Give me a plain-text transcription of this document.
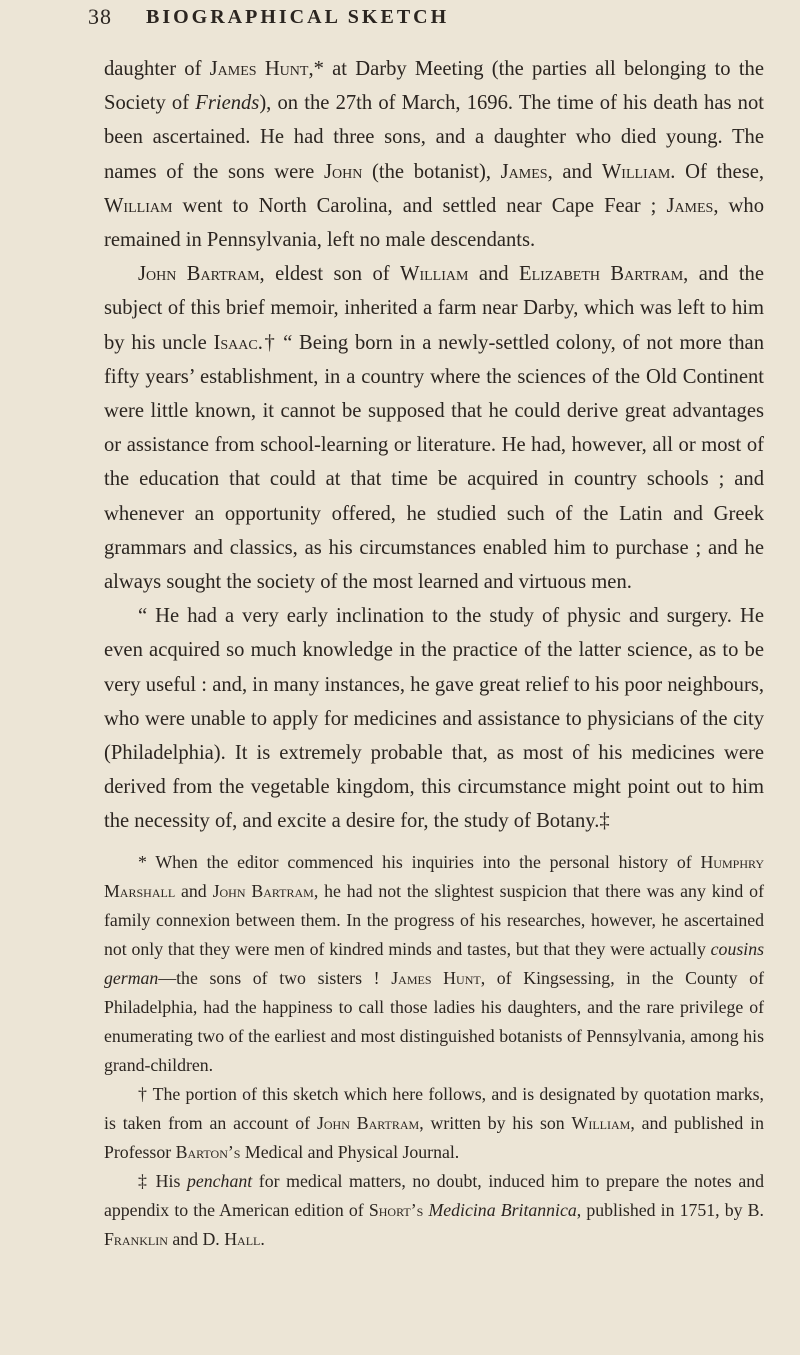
38 BIOGRAPHICAL SKETCH

daughter of James Hunt,* at Darby Meeting (the parties all belonging to the Society of Friends), on the 27th of March, 1696. The time of his death has not been ascertained. He had three sons, and a daughter who died young. The names of the sons were John (the botanist), James, and William. Of these, William went to North Carolina, and settled near Cape Fear ; James, who remained in Pennsylvania, left no male descendants.

John Bartram, eldest son of William and Elizabeth Bartram, and the subject of this brief memoir, inherited a farm near Darby, which was left to him by his uncle Isaac.† “ Being born in a newly-settled colony, of not more than fifty years’ establishment, in a country where the sciences of the Old Continent were little known, it cannot be supposed that he could derive great advantages or assistance from school-learning or literature. He had, however, all or most of the education that could at that time be acquired in country schools ; and whenever an opportunity offered, he studied such of the Latin and Greek grammars and classics, as his circumstances enabled him to purchase ; and he always sought the society of the most learned and virtuous men.

“ He had a very early inclination to the study of physic and surgery. He even acquired so much knowledge in the practice of the latter science, as to be very useful : and, in many instances, he gave great relief to his poor neighbours, who were unable to apply for medicines and assistance to physicians of the city (Philadelphia). It is extremely probable that, as most of his medicines were derived from the vegetable kingdom, this circumstance might point out to him the necessity of, and excite a desire for, the study of Botany.‡

* When the editor commenced his inquiries into the personal history of Humphry Marshall and John Bartram, he had not the slightest suspicion that there was any kind of family connexion between them. In the progress of his researches, however, he ascertained not only that they were men of kindred minds and tastes, but that they were actually cousins german—the sons of two sisters ! James Hunt, of Kingsessing, in the County of Philadelphia, had the happiness to call those ladies his daughters, and the rare privilege of enumerating two of the earliest and most distinguished botanists of Pennsylvania, among his grand-children.

† The portion of this sketch which here follows, and is designated by quotation marks, is taken from an account of John Bartram, written by his son William, and published in Professor Barton’s Medical and Physical Journal.

‡ His penchant for medical matters, no doubt, induced him to prepare the notes and appendix to the American edition of Short’s Medicina Britannica, published in 1751, by B. Franklin and D. Hall.
